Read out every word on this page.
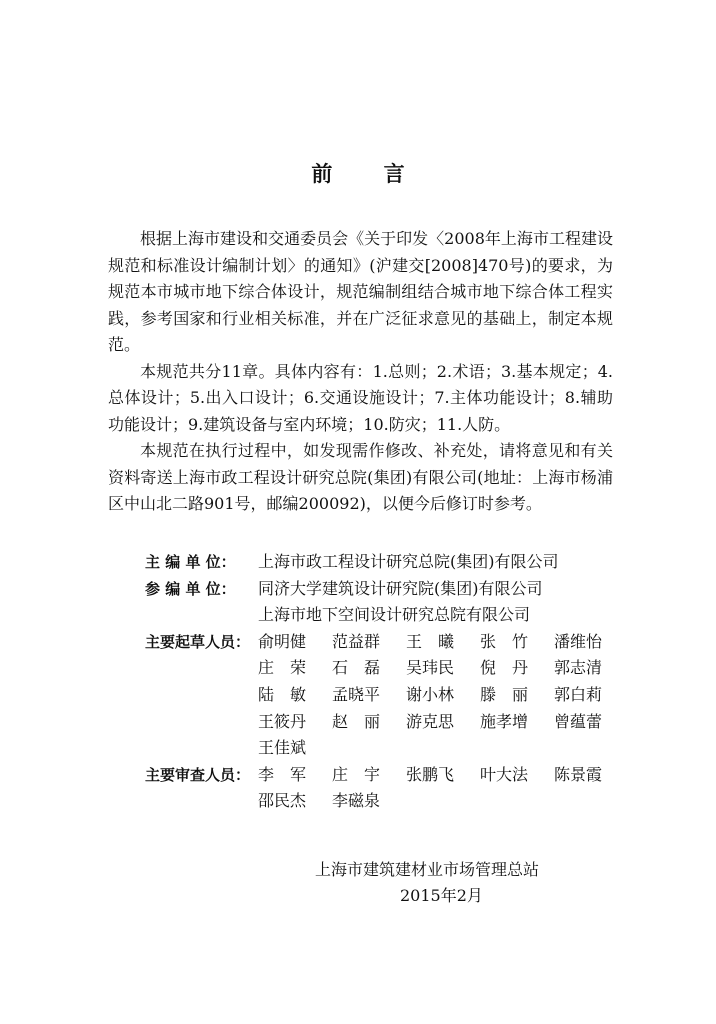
前 言

根据上海市建设和交通委员会《关于印发〈2008年上海市工程建设规范和标准设计编制计划〉的通知》(沪建交[2008]470号)的要求，为规范本市城市地下综合体设计，规范编制组结合城市地下综合体工程实践，参考国家和行业相关标准，并在广泛征求意见的基础上，制定本规范。

本规范共分11章。具体内容有：1.总则；2.术语；3.基本规定；4.总体设计；5.出入口设计；6.交通设施设计；7.主体功能设计；8.辅助功能设计；9.建筑设备与室内环境；10.防灾；11.人防。

本规范在执行过程中，如发现需作修改、补充处，请将意见和有关资料寄送上海市政工程设计研究总院(集团)有限公司(地址：上海市杨浦区中山北二路901号，邮编200092)，以便今后修订时参考。

主 编 单 位：	上海市政工程设计研究总院(集团)有限公司
参 编 单 位：	同济大学建筑设计研究院(集团)有限公司
上海市地下空间设计研究总院有限公司
主要起草人员： 俞明健	范益群	王　曦	张　竹	潘维怡
庄　荣	石　磊	吴玮民	倪　丹	郭志清
陆　敏	孟晓平	谢小林	滕　丽	郭白莉
王筱丹	赵　丽	游克思	施孝增	曾蕴蕾
王佳斌
主要审查人员： 李　军	庄　宇	张鹏飞	叶大法	陈景霞
邵民杰	李磁泉
上海市建筑建材业市场管理总站
2015年2月
